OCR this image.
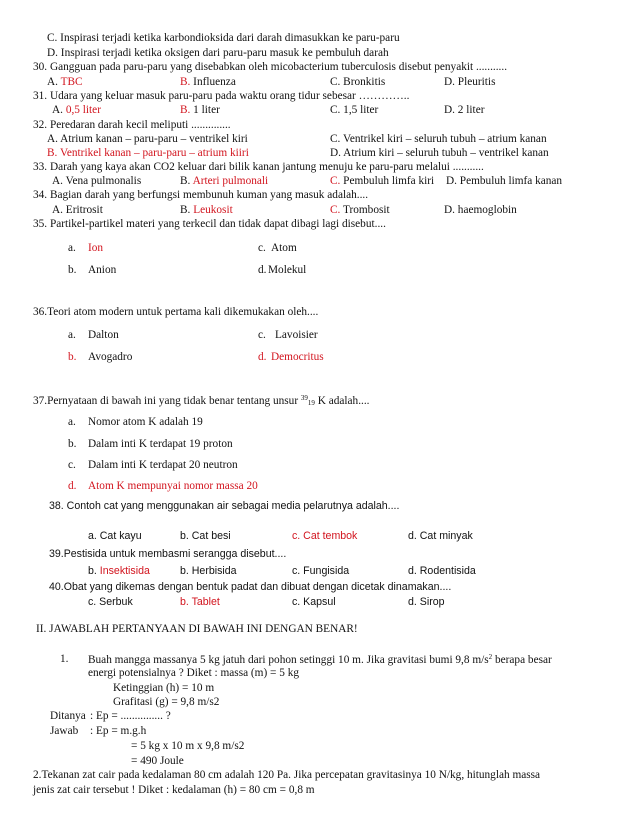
C. Inspirasi terjadi ketika karbondioksida dari darah dimasukkan ke paru-paru
D. Inspirasi terjadi ketika oksigen dari paru-paru masuk ke pembuluh darah
30. Gangguan pada paru-paru yang disebabkan oleh micobacterium tuberculosis disebut penyakit ...........
A. TBC	B. Influenza	C. Bronkitis	D. Pleuritis
31. Udara yang keluar masuk paru-paru pada waktu orang tidur sebesar …………..
A. 0,5 liter	B. 1 liter	C. 1,5 liter	D. 2 liter
32. Peredaran darah kecil meliputi ..............
A. Atrium kanan – paru-paru – ventrikel kiri
B. Ventrikel kanan – paru-paru – atrium kiiri
C. Ventrikel kiri – seluruh tubuh – atrium kanan
D. Atrium kiri – seluruh tubuh – ventrikel kanan
33. Darah yang kaya akan CO2 keluar dari bilik kanan jantung menuju ke paru-paru melalui ...........
A. Vena pulmonalis	B. Arteri pulmonali	C. Pembuluh limfa kiri D. Pembuluh limfa kanan
34. Bagian darah yang berfungsi membunuh kuman yang masuk adalah....
A. Eritrosit	B. Leukosit	C. Trombosit	D. haemoglobin
35. Partikel-partikel materi yang terkecil dan tidak dapat dibagi lagi disebut....
a. Ion	c. Atom
b. Anion	d. Molekul
36.Teori atom modern untuk pertama kali dikemukakan oleh....
a. Dalton	c. Lavoisier
b. Avogadro	d. Democritus
37.Pernyataan di bawah ini yang tidak benar tentang unsur $^{39}_{19}$ K adalah....
a. Nomor atom K adalah 19
b. Dalam inti K terdapat 19 proton
c. Dalam inti K terdapat 20 neutron
d. Atom K mempunyai nomor massa 20
38. Contoh cat yang menggunakan air sebagai media pelarutnya adalah....
a. Cat kayu	b. Cat besi	c. Cat tembok	d. Cat minyak
39.Pestisida untuk membasmi serangga disebut....
b. Insektisida	b. Herbisida	c. Fungisida	d. Rodentisida
40.Obat yang dikemas dengan bentuk padat dan dibuat dengan dicetak dinamakan....
c. Serbuk	b. Tablet	c. Kapsul	d. Sirop
II. JAWABLAH PERTANYAAN DI BAWAH INI DENGAN BENAR!
1. Buah mangga massanya 5 kg jatuh dari pohon setinggi 10 m. Jika gravitasi bumi 9,8 $m/s^2$ berapa besar
energi potensialnya ? Diket : massa (m) = 5 kg
Ketinggian (h) = 10 m
Grafitasi (g) = 9,8 m/s2
Ditanya : Ep = ............... ?
Jawab : Ep = m.g.h
= 5 kg x 10 m x 9,8 m/s2
= 490 Joule
2.Tekanan zat cair pada kedalaman 80 cm adalah 120 Pa. Jika percepatan gravitasinya 10 N/kg, hitunglah massa
jenis zat cair tersebut ! Diket : kedalaman (h) = 80 cm = 0,8 m
